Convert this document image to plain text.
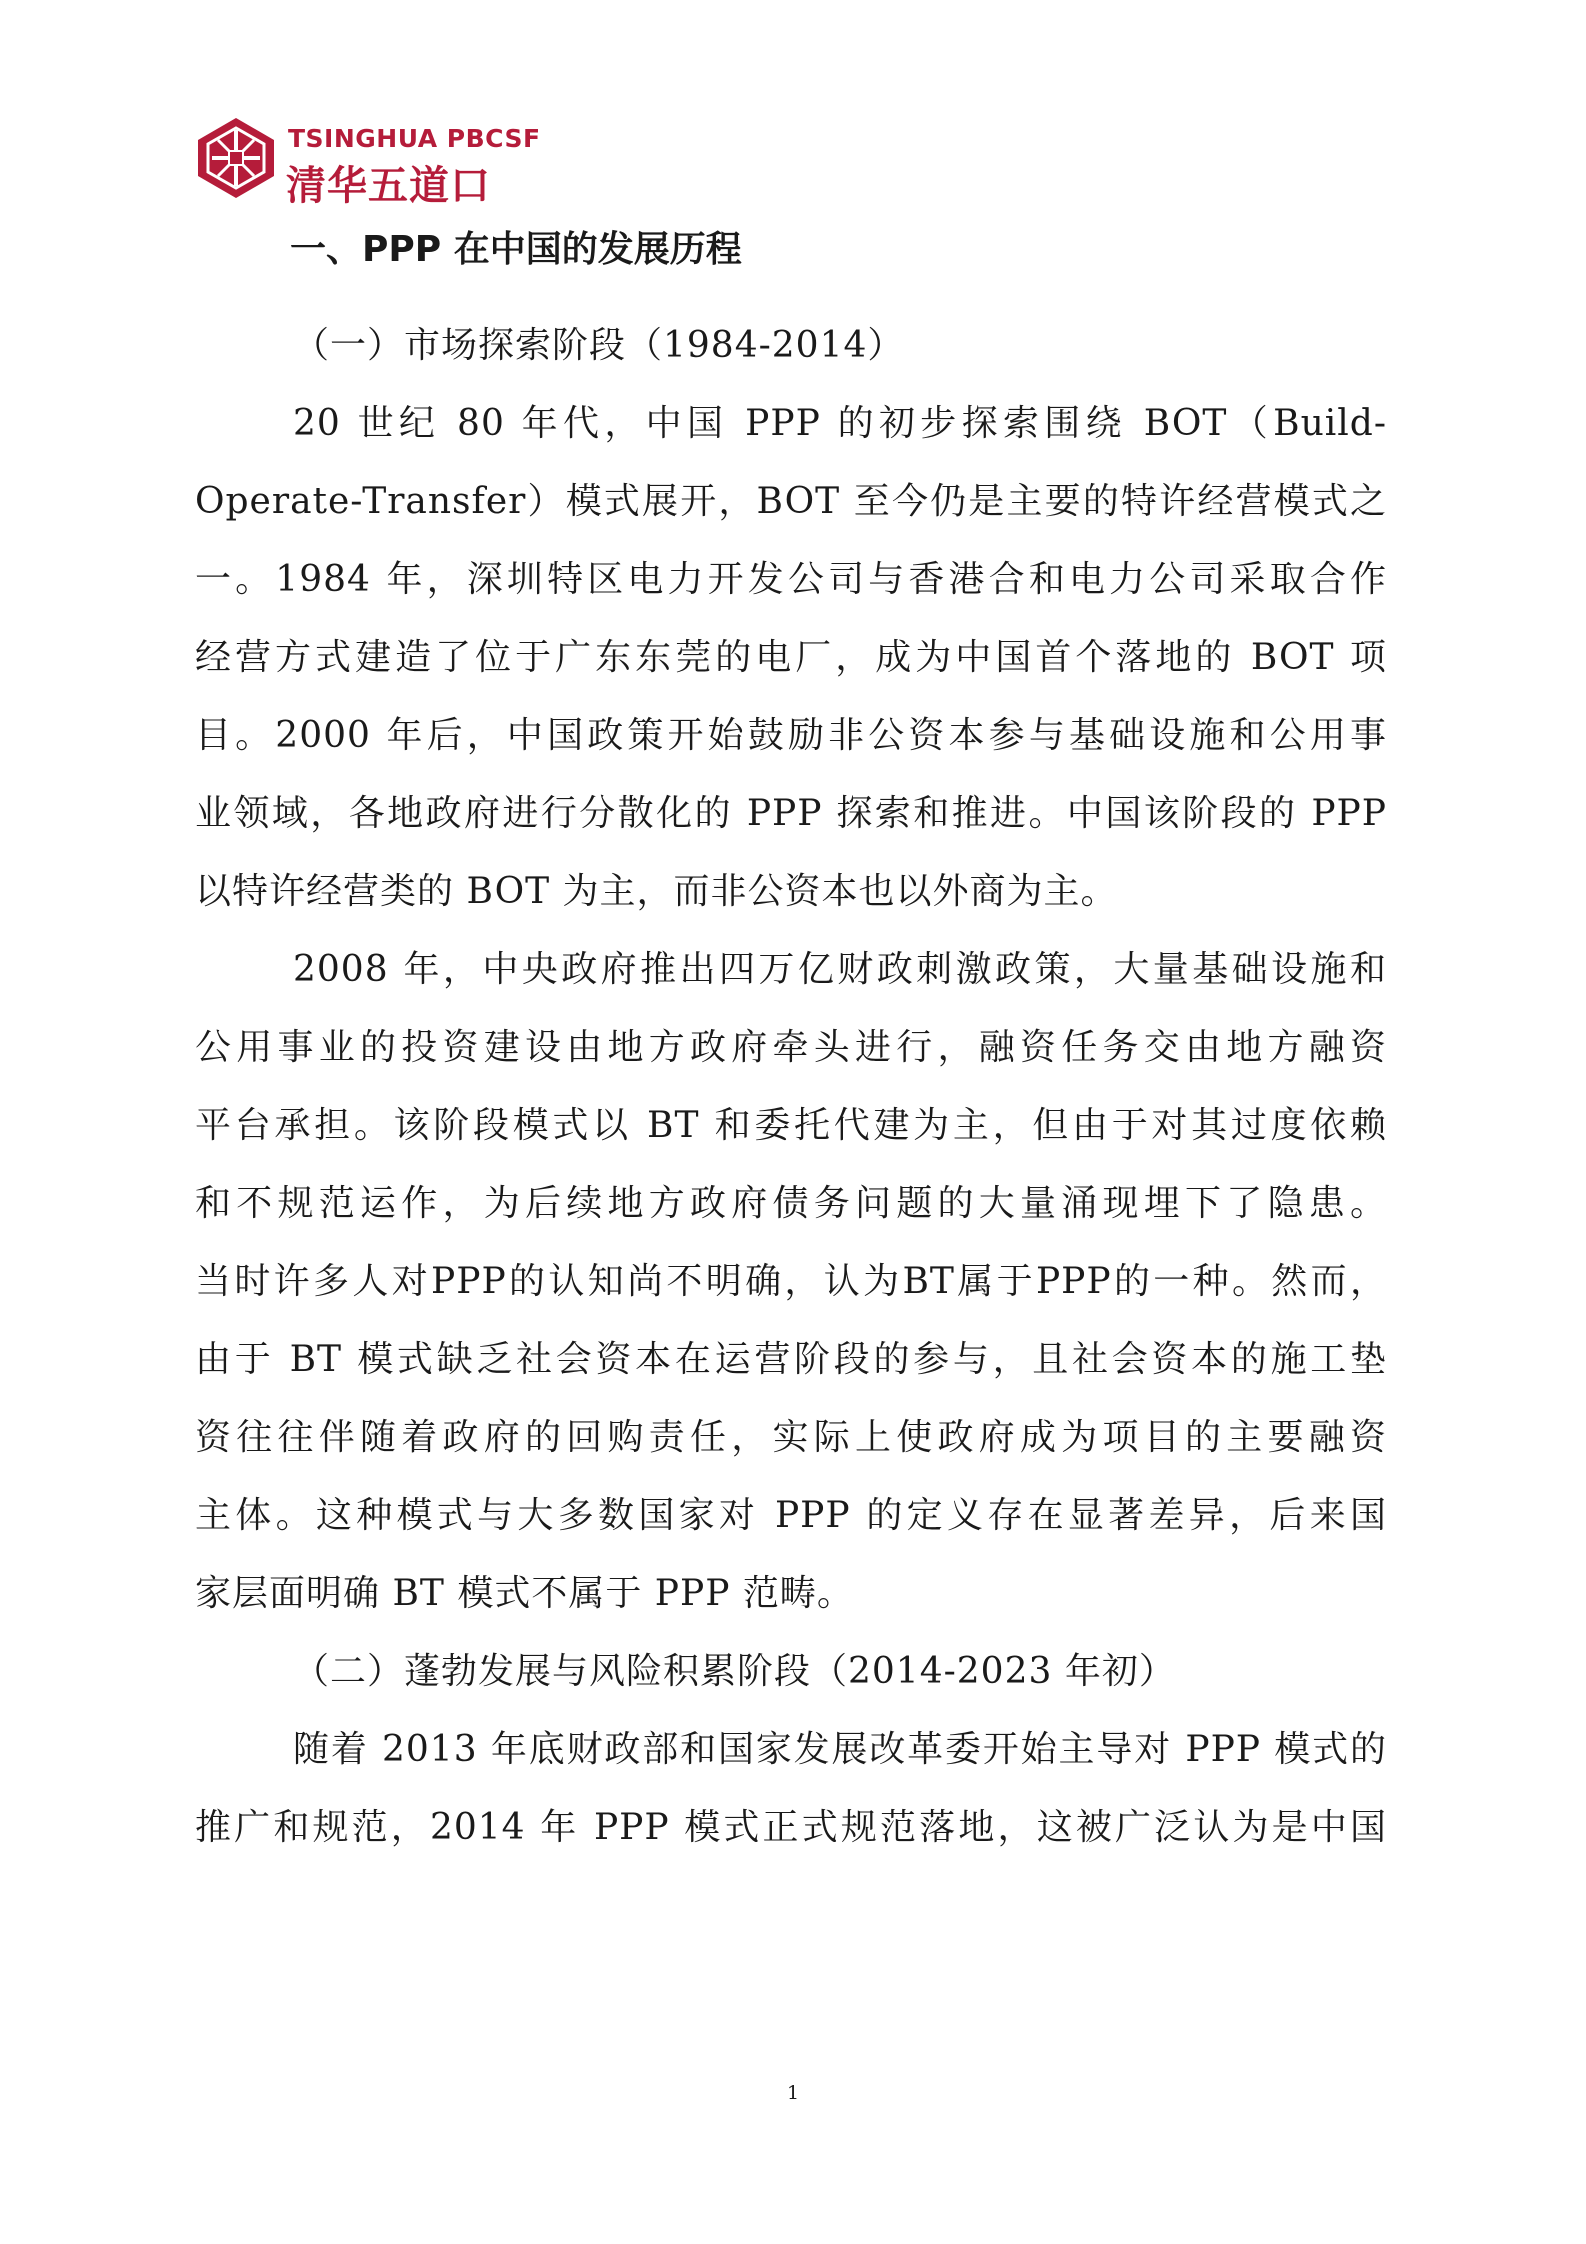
TSINGHUA PBCSF
清华五道口
一、PPP 在中国的发展历程
（一）市场探索阶段（1984-2014）
20 世纪 80 年代，中国 PPP 的初步探索围绕 BOT（Build-
Operate-Transfer）模式展开，BOT 至今仍是主要的特许经营模式之
一。1984 年，深圳特区电力开发公司与香港合和电力公司采取合作
经营方式建造了位于广东东莞的电厂，成为中国首个落地的 BOT 项
目。2000 年后，中国政策开始鼓励非公资本参与基础设施和公用事
业领域，各地政府进行分散化的 PPP 探索和推进。中国该阶段的 PPP
以特许经营类的 BOT 为主，而非公资本也以外商为主。
2008 年，中央政府推出四万亿财政刺激政策，大量基础设施和
公用事业的投资建设由地方政府牵头进行，融资任务交由地方融资
平台承担。该阶段模式以 BT 和委托代建为主，但由于对其过度依赖
和不规范运作，为后续地方政府债务问题的大量涌现埋下了隐患。
当时许多人对PPP的认知尚不明确，认为BT属于PPP的一种。然而，
由于 BT 模式缺乏社会资本在运营阶段的参与，且社会资本的施工垫
资往往伴随着政府的回购责任，实际上使政府成为项目的主要融资
主体。这种模式与大多数国家对 PPP 的定义存在显著差异，后来国
家层面明确 BT 模式不属于 PPP 范畴。
（二）蓬勃发展与风险积累阶段（2014-2023 年初）
随着 2013 年底财政部和国家发展改革委开始主导对 PPP 模式的
推广和规范，2014 年 PPP 模式正式规范落地，这被广泛认为是中国
1
